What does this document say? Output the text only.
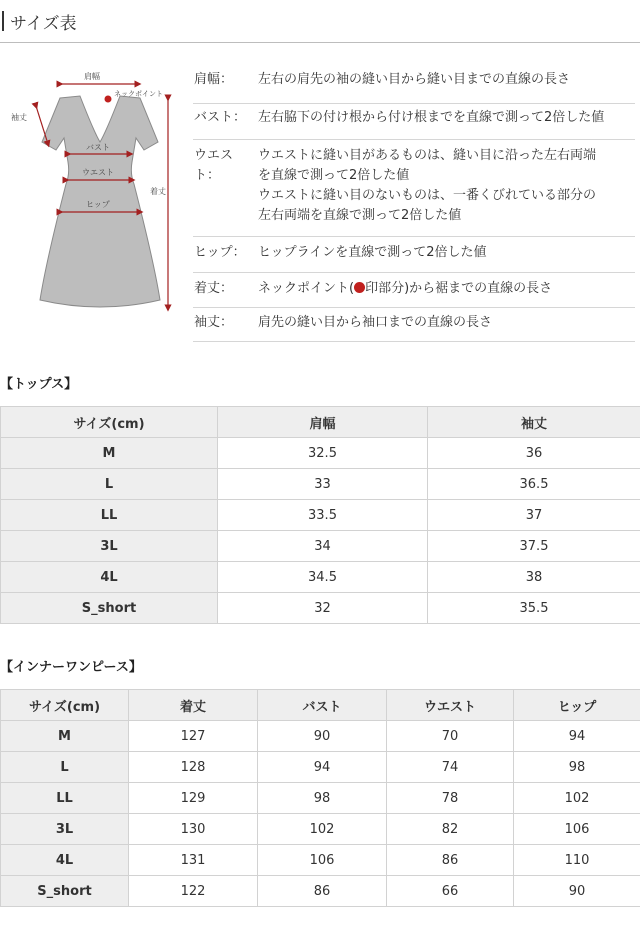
サイズ表
肩幅
ネックポイント
袖丈
バスト
ウエスト
ヒップ
着丈
肩幅：	左右の肩先の袖の縫い目から縫い目までの直線の長さ
バスト： 左右脇下の付け根から付け根までを直線で測って2倍した値
ウエスト：
ウエストに縫い目があるものは、縫い目に沿った左右両端
を直線で測って2倍した値
ウエストに縫い目のないものは、一番くびれている部分の
左右両端を直線で測って2倍した値
ヒップ： ヒップラインを直線で測って2倍した値
着丈：	ネックポイント( 印部分)から裾までの直線の長さ
袖丈：	肩先の縫い目から袖口までの直線の長さ
【トップス】
サイズ(cm)	肩幅	袖丈
M	32.5	36
L	33	36.5
LL	33.5	37
3L	34	37.5
4L	34.5	38
S_short	32	35.5
【インナーワンピース】
サイズ(cm)	着丈	バスト	ウエスト	ヒップ
M	127	90	70	94
L	128	94	74	98
LL	129	98	78	102
3L	130	102	82	106
4L	131	106	86	110
S_short	122	86	66	90
